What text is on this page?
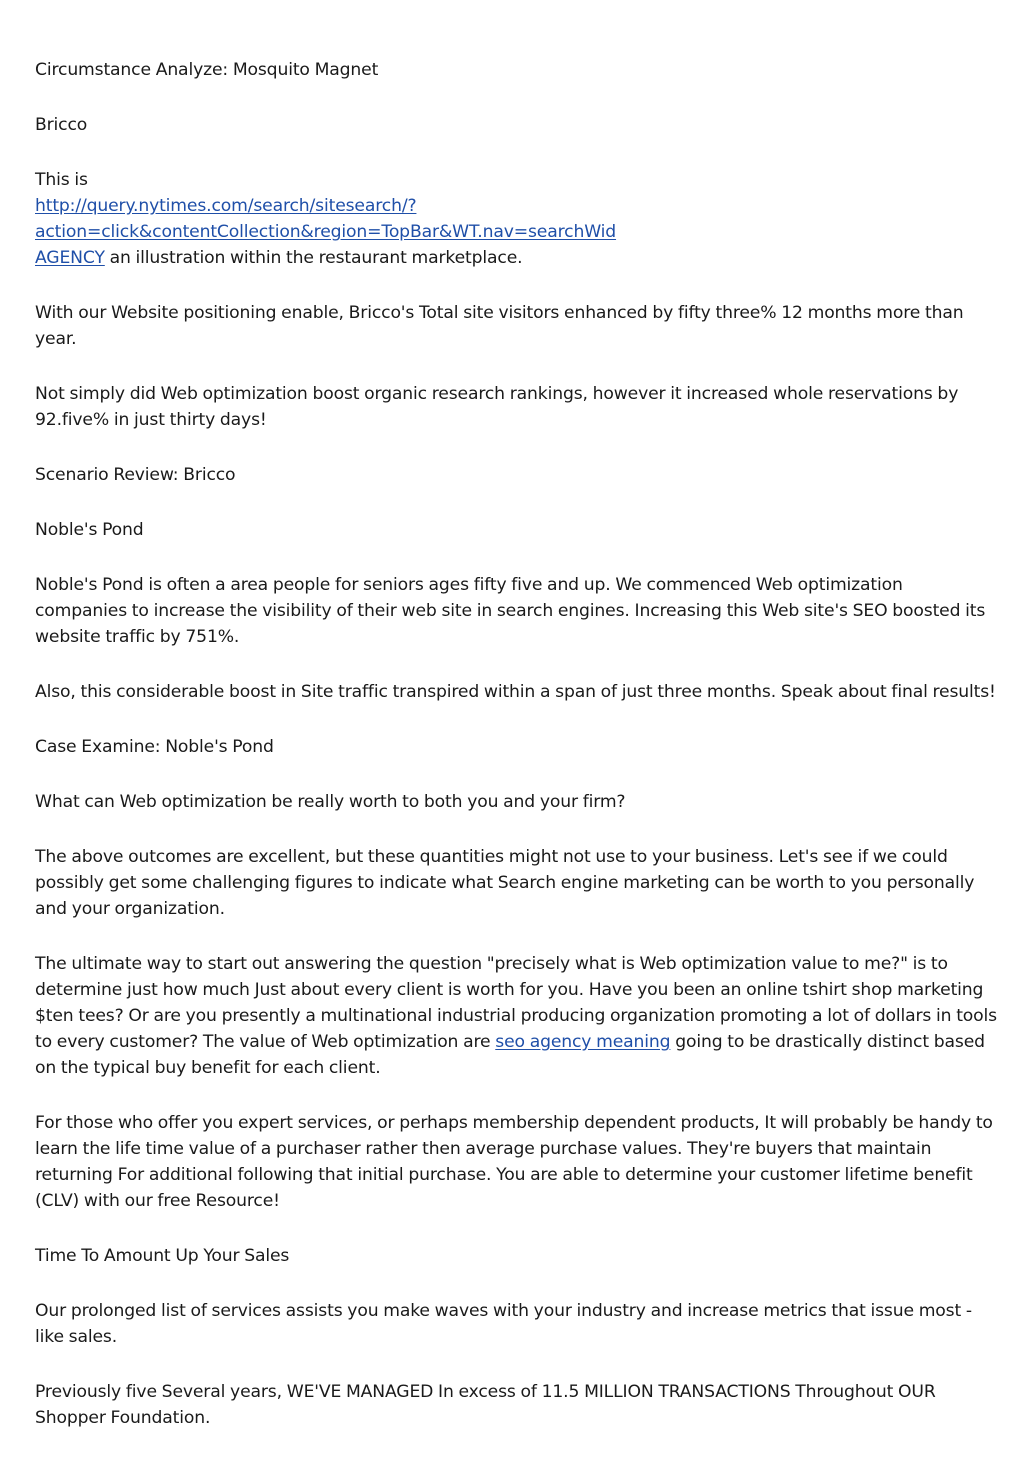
Circumstance Analyze: Mosquito Magnet

Bricco

This is
http://query.nytimes.com/search/sitesearch/?action=click&contentCollection&region=TopBar&WT.nav=searchWid
AGENCY an illustration within the restaurant marketplace.

With our Website positioning enable, Bricco's Total site visitors enhanced by fifty three% 12 months more than year.

Not simply did Web optimization boost organic research rankings, however it increased whole reservations by 92.five% in just thirty days!

Scenario Review: Bricco

Noble's Pond

Noble's Pond is often a area people for seniors ages fifty five and up. We commenced Web optimization companies to increase the visibility of their web site in search engines. Increasing this Web site's SEO boosted its website traffic by 751%.

Also, this considerable boost in Site traffic transpired within a span of just three months. Speak about final results!

Case Examine: Noble's Pond

What can Web optimization be really worth to both you and your firm?

The above outcomes are excellent, but these quantities might not use to your business. Let's see if we could possibly get some challenging figures to indicate what Search engine marketing can be worth to you personally and your organization.

The ultimate way to start out answering the question "precisely what is Web optimization value to me?" is to determine just how much Just about every client is worth for you. Have you been an online tshirt shop marketing $ten tees? Or are you presently a multinational industrial producing organization promoting a lot of dollars in tools to every customer? The value of Web optimization are seo agency meaning going to be drastically distinct based on the typical buy benefit for each client.

For those who offer you expert services, or perhaps membership dependent products, It will probably be handy to learn the life time value of a purchaser rather then average purchase values. They're buyers that maintain returning For additional following that initial purchase. You are able to determine your customer lifetime benefit (CLV) with our free Resource!

Time To Amount Up Your Sales

Our prolonged list of services assists you make waves with your industry and increase metrics that issue most - like sales.

Previously five Several years, WE'VE MANAGED In excess of 11.5 MILLION TRANSACTIONS Throughout OUR Shopper Foundation.
